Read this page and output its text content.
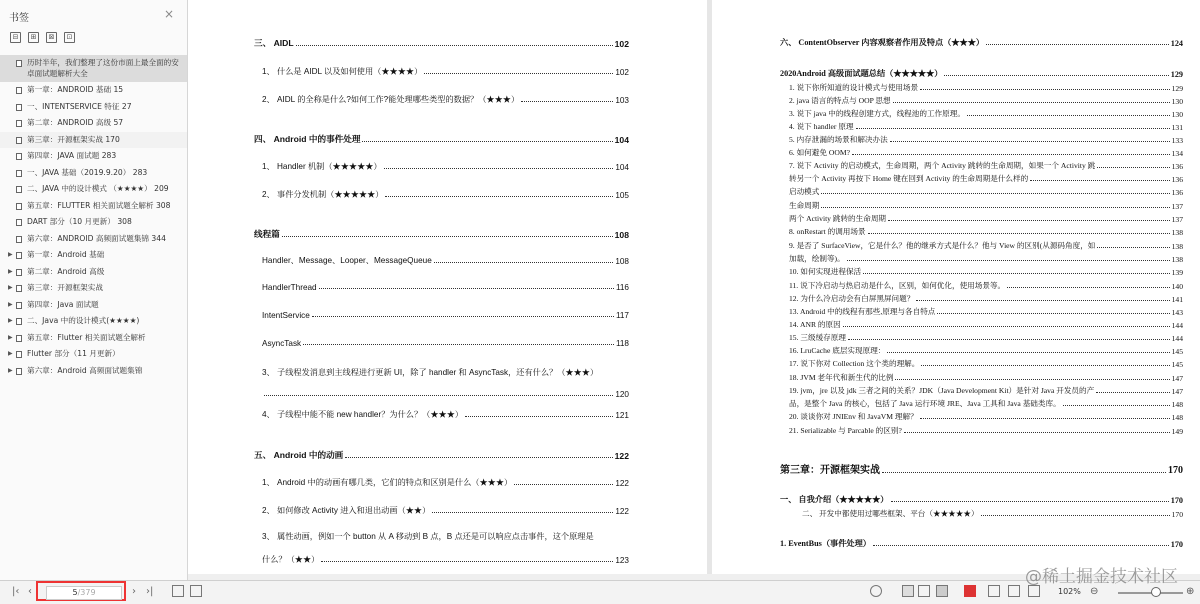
书签	×
⊟	⊞	⊠	⊡
历时半年，我们整理了这份市面上最全面的安卓面试题解析大全
第一章：ANDROID 基础 15
一、INTENTSERVICE 特征 27
第二章：ANDROID 高级 57
第三章：开源框架实战 170
第四章：JAVA 面试题 283
一、JAVA 基础（2019.9.20） 283
二、JAVA 中的设计模式 （★★★★） 209
第五章：FLUTTER 相关面试题全解析 308
DART 部分（10 月更新） 308
第六章：ANDROID 高频面试题集锦 344
▶ 第一章：Android 基础
▶ 第二章：Android 高级
▶ 第三章：开源框架实战
▶ 第四章：Java 面试题
▶ 二、Java 中的设计模式(★★★★)
▶ 第五章：Flutter 相关面试题全解析
▶ Flutter 部分（11 月更新）
▶ 第六章：Android 高频面试题集锦
三、 AIDL	102
1、 什么是 AIDL 以及如何使用（★★★★）	102
2、 AIDL 的全称是什么?如何工作?能处理哪些类型的数据？（★★★）	103
四、 Android 中的事件处理	104
1、 Handler 机制（★★★★★）	104
2、 事件分发机制（★★★★★）	105
线程篇	108
Handler、Message、Looper、MessageQueue	108
HandlerThread	116
IntentService	117
AsyncTask	118
3、 子线程发消息到主线程进行更新 UI，除了 handler 和 AsyncTask，还有什么？（★★★）
120
4、 子线程中能不能 new handler？为什么？（★★★）	121
五、 Android 中的动画	122
1、 Android 中的动画有哪几类，它们的特点和区别是什么（★★★）	122
2、 如何修改 Activity 进入和退出动画（★★）	122
3、 属性动画，例如一个 button 从 A 移动到 B 点，B 点还是可以响应点击事件，这个原理是
什么？（★★）	123
六、 ContentObserver 内容观察者作用及特点（★★★）	124
2020Android 高级面试题总结（★★★★★）	129
1. 说下你所知道的设计模式与使用场景	129
2. java 语言的特点与 OOP 思想	130
3. 说下 java 中的线程创建方式，线程池的工作原理。	130
4. 说下 handler 原理	131
5. 内存泄漏的场景和解决办法	133
6. 如何避免 OOM?	134
7. 说下 Activity 的启动模式，生命周期，两个 Activity 跳转的生命周期，如果一个 Activity 跳	136
转另一个 Activity 再按下 Home 键在回到 Activity 的生命周期是什么样的	136
启动模式	136
生命周期	137
两个 Activity 跳转的生命周期	137
8. onRestart 的调用场景	138
9. 是否了 SurfaceView，它是什么？他的继承方式是什么？他与 View 的区别(从源码角度，如	138
加载，绘制等)。	138
10. 如何实现进程保活	139
11. 说下冷启动与热启动是什么，区别，如何优化，使用场景等。	140
12. 为什么冷启动会有白屏黑屏问题？	141
13. Android 中的线程有那些,原理与各自特点	143
14. ANR 的原因	144
15. 三级缓存原理	144
16. LruCache 底层实现原理：	145
17. 说下你对 Collection 这个类的理解。	145
18. JVM 老年代和新生代的比例	147
19. jvm，jre 以及 jdk 三者之间的关系？JDK（Java Development Kit）是针对 Java 开发员的产	147
品，是整个 Java 的核心，包括了 Java 运行环境 JRE、Java 工具和 Java 基础类库。	148
20. 谈谈你对 JNIEnv 和 JavaVM 理解？	148
21. Serializable 与 Parcable 的区别?	149
第三章：开源框架实战	170
一、 自我介绍（★★★★★）	170
二、 开发中都使用过哪些框架、平台（★★★★★）	170
1. EventBus（事件处理）	170
|‹ ‹	5/379	› ›|	102% ⊖	⊕
@稀土掘金技术社区
